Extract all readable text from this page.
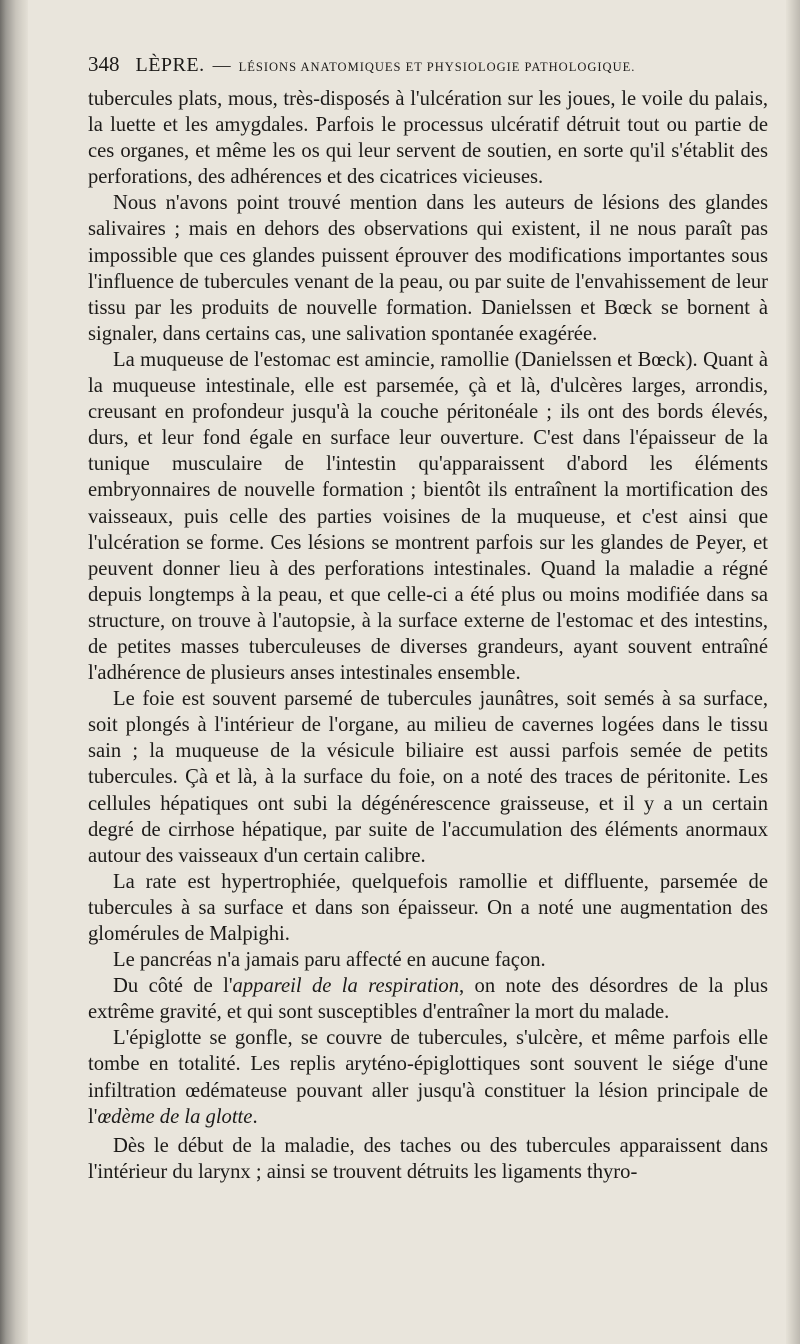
348 LÈPRE. — LÉSIONS ANATOMIQUES ET PHYSIOLOGIE PATHOLOGIQUE.

tubercules plats, mous, très-disposés à l'ulcération sur les joues, le voile du palais, la luette et les amygdales. Parfois le processus ulcératif détruit tout ou partie de ces organes, et même les os qui leur servent de soutien, en sorte qu'il s'établit des perforations, des adhérences et des cicatrices vicieuses.

Nous n'avons point trouvé mention dans les auteurs de lésions des glandes salivaires ; mais en dehors des observations qui existent, il ne nous paraît pas impossible que ces glandes puissent éprouver des modifications importantes sous l'influence de tubercules venant de la peau, ou par suite de l'envahissement de leur tissu par les produits de nouvelle formation. Danielssen et Bœck se bornent à signaler, dans certains cas, une salivation spontanée exagérée.

La muqueuse de l'estomac est amincie, ramollie (Danielssen et Bœck). Quant à la muqueuse intestinale, elle est parsemée, çà et là, d'ulcères larges, arrondis, creusant en profondeur jusqu'à la couche péritonéale ; ils ont des bords élevés, durs, et leur fond égale en surface leur ouverture. C'est dans l'épaisseur de la tunique musculaire de l'intestin qu'apparaissent d'abord les éléments embryonnaires de nouvelle formation ; bientôt ils entraînent la mortification des vaisseaux, puis celle des parties voisines de la muqueuse, et c'est ainsi que l'ulcération se forme. Ces lésions se montrent parfois sur les glandes de Peyer, et peuvent donner lieu à des perforations intestinales. Quand la maladie a régné depuis longtemps à la peau, et que celle-ci a été plus ou moins modifiée dans sa structure, on trouve à l'autopsie, à la surface externe de l'estomac et des intestins, de petites masses tuberculeuses de diverses grandeurs, ayant souvent entraîné l'adhérence de plusieurs anses intestinales ensemble.

Le foie est souvent parsemé de tubercules jaunâtres, soit semés à sa surface, soit plongés à l'intérieur de l'organe, au milieu de cavernes logées dans le tissu sain ; la muqueuse de la vésicule biliaire est aussi parfois semée de petits tubercules. Çà et là, à la surface du foie, on a noté des traces de péritonite. Les cellules hépatiques ont subi la dégénérescence graisseuse, et il y a un certain degré de cirrhose hépatique, par suite de l'accumulation des éléments anormaux autour des vaisseaux d'un certain calibre.

La rate est hypertrophiée, quelquefois ramollie et diffluente, parsemée de tubercules à sa surface et dans son épaisseur. On a noté une augmentation des glomérules de Malpighi.

Le pancréas n'a jamais paru affecté en aucune façon.

Du côté de l'appareil de la respiration, on note des désordres de la plus extrême gravité, et qui sont susceptibles d'entraîner la mort du malade.

L'épiglotte se gonfle, se couvre de tubercules, s'ulcère, et même parfois elle tombe en totalité. Les replis aryténo-épiglottiques sont souvent le siége d'une infiltration œdémateuse pouvant aller jusqu'à constituer la lésion principale de l'œdème de la glotte.

Dès le début de la maladie, des taches ou des tubercules apparaissent dans l'intérieur du larynx ; ainsi se trouvent détruits les ligaments thyro-
